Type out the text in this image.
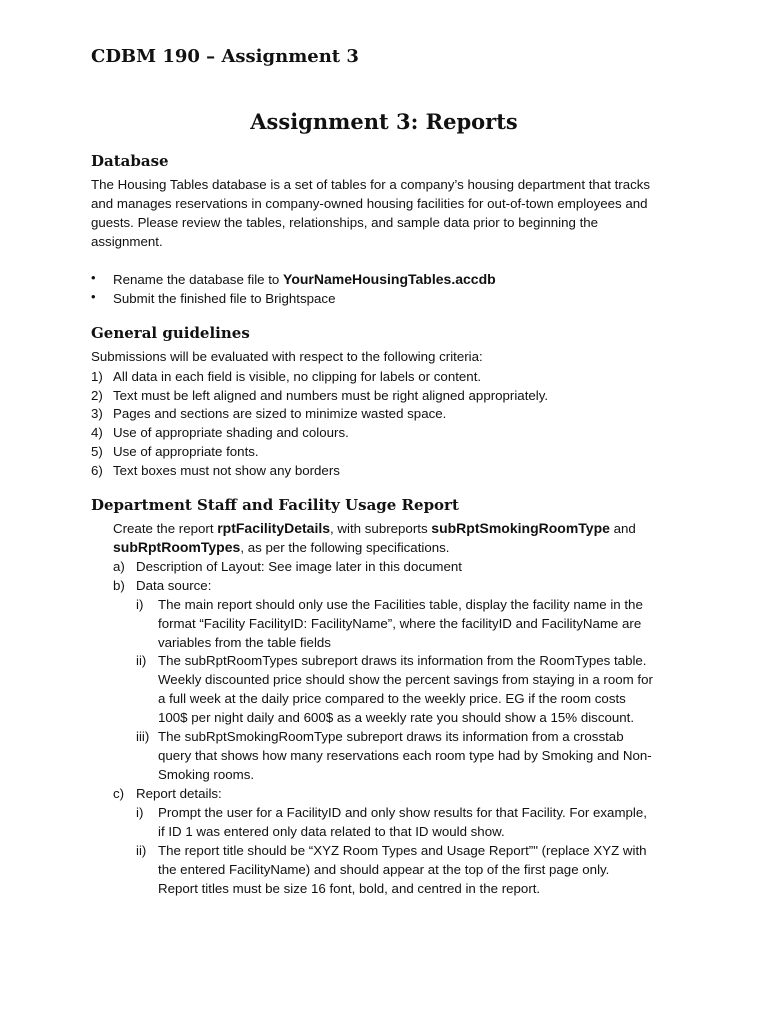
CDBM 190 – Assignment 3
Assignment 3: Reports
Database
The Housing Tables database is a set of tables for a company’s housing department that tracks
and manages reservations in company-owned housing facilities for out-of-town employees and
guests. Please review the tables, relationships, and sample data prior to beginning the
assignment.
• Rename the database file to YourNameHousingTables.accdb
• Submit the finished file to Brightspace
General guidelines
Submissions will be evaluated with respect to the following criteria:
1) All data in each field is visible, no clipping for labels or content.
2) Text must be left aligned and numbers must be right aligned appropriately.
3) Pages and sections are sized to minimize wasted space.
4) Use of appropriate shading and colours.
5) Use of appropriate fonts.
6) Text boxes must not show any borders
Department Staff and Facility Usage Report
Create the report rptFacilityDetails, with subreports subRptSmokingRoomType and
subRptRoomTypes, as per the following specifications.
a) Description of Layout: See image later in this document
b) Data source:
i) The main report should only use the Facilities table, display the facility name in the
format “Facility FacilityID: FacilityName”, where the facilityID and FacilityName are
variables from the table fields
ii) The subRptRoomTypes subreport draws its information from the RoomTypes table.
Weekly discounted price should show the percent savings from staying in a room for
a full week at the daily price compared to the weekly price. EG if the room costs
100$ per night daily and 600$ as a weekly rate you should show a 15% discount.
iii) The subRptSmokingRoomType subreport draws its information from a crosstab
query that shows how many reservations each room type had by Smoking and Non-
Smoking rooms.
c) Report details:
i) Prompt the user for a FacilityID and only show results for that Facility. For example,
if ID 1 was entered only data related to that ID would show.
ii) The report title should be “XYZ Room Types and Usage Report”" (replace XYZ with
the entered FacilityName) and should appear at the top of the first page only.
Report titles must be size 16 font, bold, and centred in the report.
